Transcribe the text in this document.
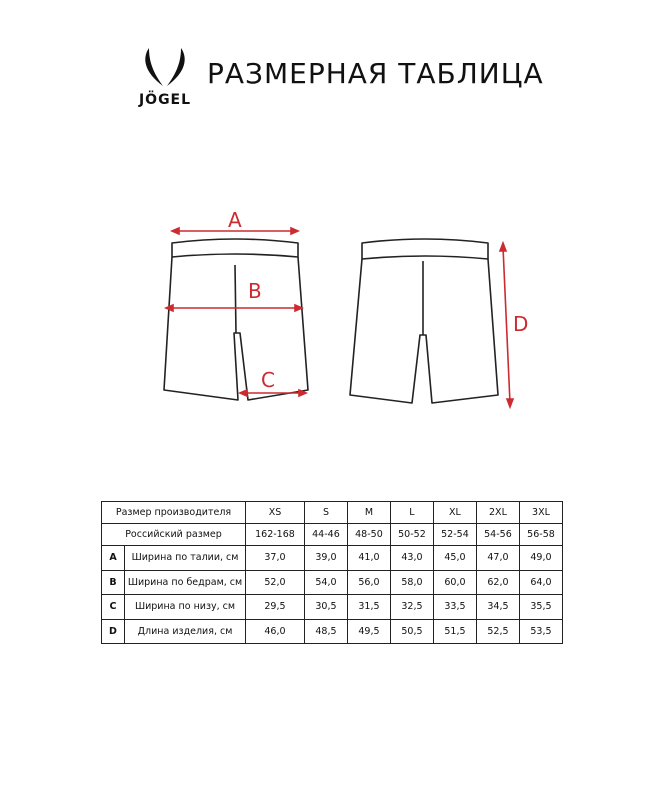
JÖGEL
РАЗМЕРНАЯ ТАБЛИЦА
A
B
C
D
Размер производителя		XS	S	M	L	XL	2XL	3XL
Российский размер		162-168	44-46	48-50	50-52	52-54	54-56	56-58
A	Ширина по талии, см	37,0	39,0	41,0	43,0	45,0	47,0	49,0
B	Ширина по бедрам, см	52,0	54,0	56,0	58,0	60,0	62,0	64,0
C	Ширина по низу, см	29,5	30,5	31,5	32,5	33,5	34,5	35,5
D	Длина изделия, см	46,0	48,5	49,5	50,5	51,5	52,5	53,5
